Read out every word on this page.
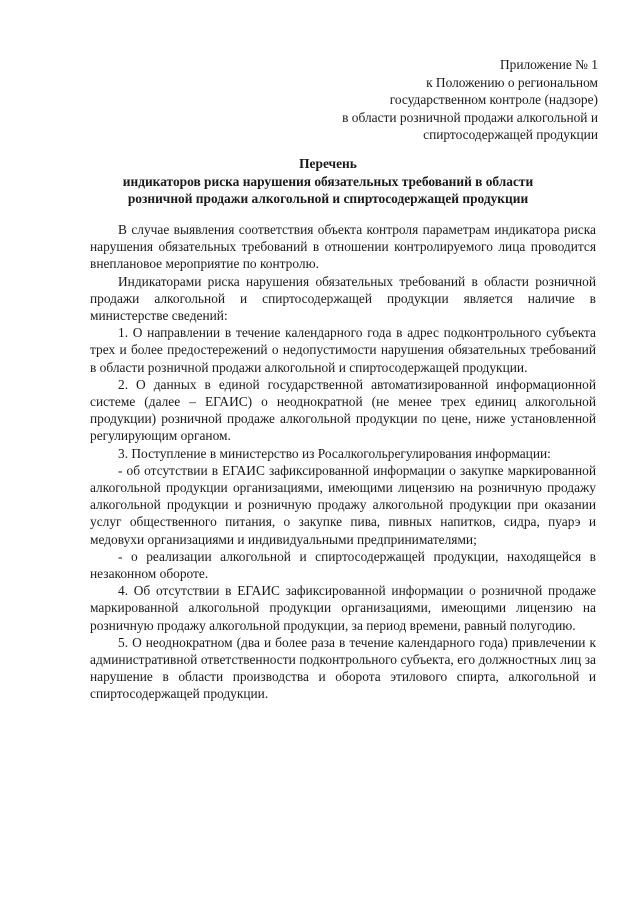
Приложение № 1
к Положению о региональном
государственном контроле (надзоре)
в области розничной продажи алкогольной и
спиртосодержащей продукции
Перечень
индикаторов риска нарушения обязательных требований в области
розничной продажи алкогольной и спиртосодержащей продукции

В случае выявления соответствия объекта контроля параметрам индикатора риска нарушения обязательных требований в отношении контролируемого лица проводится внеплановое мероприятие по контролю.

Индикаторами риска нарушения обязательных требований в области розничной продажи алкогольной и спиртосодержащей продукции является наличие в министерстве сведений:

1. О направлении в течение календарного года в адрес подконтрольного субъекта трех и более предостережений о недопустимости нарушения обязательных требований в области розничной продажи алкогольной и спиртосодержащей продукции.

2. О данных в единой государственной автоматизированной информационной системе (далее – ЕГАИС) о неоднократной (не менее трех единиц алкогольной продукции) розничной продаже алкогольной продукции по цене, ниже установленной регулирующим органом.

3. Поступление в министерство из Росалкогольрегулирования информации:

- об отсутствии в ЕГАИС зафиксированной информации о закупке маркированной алкогольной продукции организациями, имеющими лицензию на розничную продажу алкогольной продукции и розничную продажу алкогольной продукции при оказании услуг общественного питания, о закупке пива, пивных напитков, сидра, пуарэ и медовухи организациями и индивидуальными предпринимателями;

- о реализации алкогольной и спиртосодержащей продукции, находящейся в незаконном обороте.

4. Об отсутствии в ЕГАИС зафиксированной информации о розничной продаже маркированной алкогольной продукции организациями, имеющими лицензию на розничную продажу алкогольной продукции, за период времени, равный полугодию.

5. О неоднократном (два и более раза в течение календарного года) привлечении к административной ответственности подконтрольного субъекта, его должностных лиц за нарушение в области производства и оборота этилового спирта, алкогольной и спиртосодержащей продукции.
